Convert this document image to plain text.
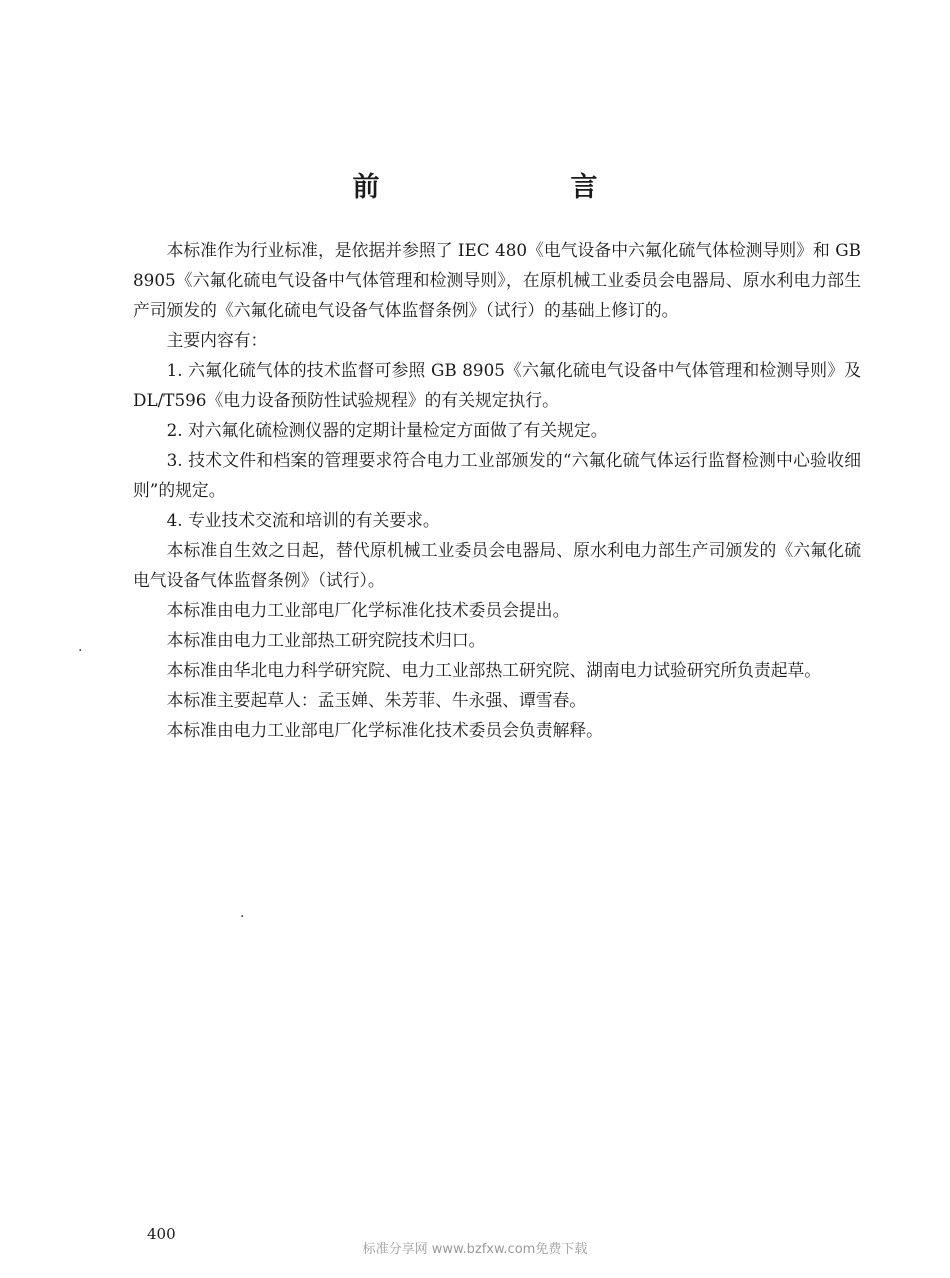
前　言

本标准作为行业标准，是依据并参照了 IEC 480《电气设备中六氟化硫气体检测导则》和 GB 8905《六氟化硫电气设备中气体管理和检测导则》，在原机械工业委员会电器局、原水利电力部生产司颁发的《六氟化硫电气设备气体监督条例》（试行）的基础上修订的。

主要内容有：

1. 六氟化硫气体的技术监督可参照 GB 8905《六氟化硫电气设备中气体管理和检测导则》及 DL/T596《电力设备预防性试验规程》的有关规定执行。

2. 对六氟化硫检测仪器的定期计量检定方面做了有关规定。

3. 技术文件和档案的管理要求符合电力工业部颁发的“六氟化硫气体运行监督检测中心验收细则”的规定。

4. 专业技术交流和培训的有关要求。

本标准自生效之日起，替代原机械工业委员会电器局、原水利电力部生产司颁发的《六氟化硫电气设备气体监督条例》（试行）。

本标准由电力工业部电厂化学标准化技术委员会提出。

本标准由电力工业部热工研究院技术归口。

本标准由华北电力科学研究院、电力工业部热工研究院、湖南电力试验研究所负责起草。

本标准主要起草人：孟玉婵、朱芳菲、牛永强、谭雪春。

本标准由电力工业部电厂化学标准化技术委员会负责解释。

.
.
400
标准分享网 www.bzfxw.com免费下载
